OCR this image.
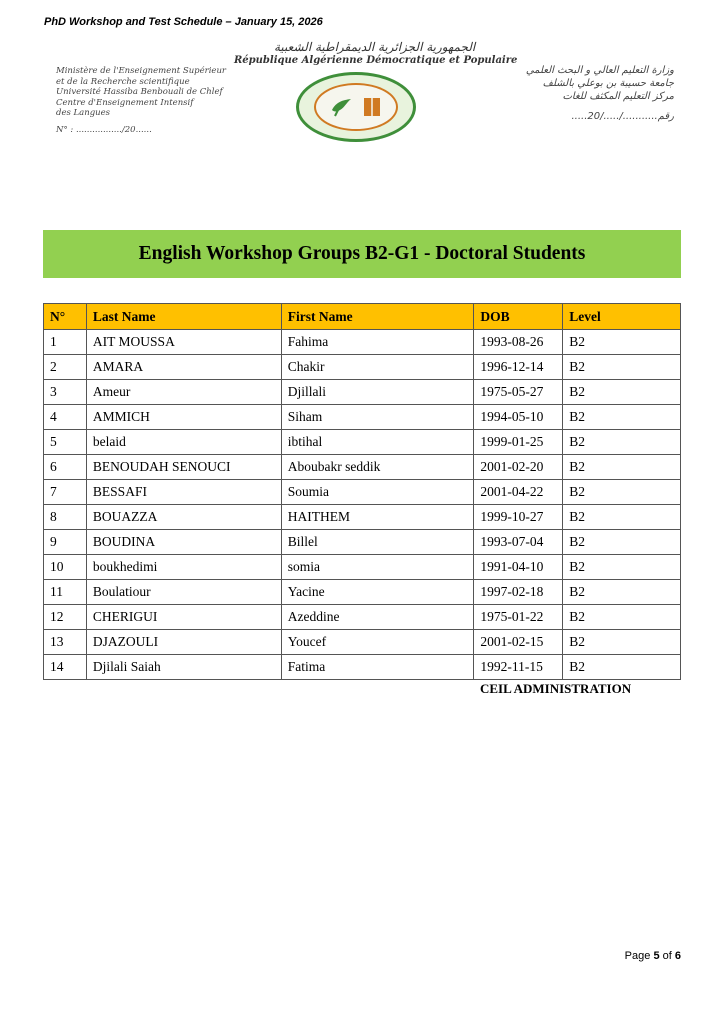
PhD Workshop and Test Schedule – January 15, 2026
الجمهورية الجزائرية الديمقراطية الشعبية
République Algérienne Démocratique et Populaire
Ministère de l'Enseignement Supérieur
et de la Recherche scientifique
Université Hassiba Benbouali de Chlef
Centre d'Enseignement Intensif
des Langues
N° : ................./20......
وزارة التعليم العالي و البحث العلمي
جامعة حسيبة بن بوعلي بالشلف
مركز التعليم المكثف للغات
رقم.........../...../20.....
English Workshop Groups B2-G1 - Doctoral Students
N°	Last Name	First Name	DOB	Level
1	AIT MOUSSA	Fahima	1993-08-26	B2
2	AMARA	Chakir	1996-12-14	B2
3	Ameur	Djillali	1975-05-27	B2
4	AMMICH	Siham	1994-05-10	B2
5	belaid	ibtihal	1999-01-25	B2
6	BENOUDAH SENOUCI	Aboubakr seddik	2001-02-20	B2
7	BESSAFI	Soumia	2001-04-22	B2
8	BOUAZZA	HAITHEM	1999-10-27	B2
9	BOUDINA	Billel	1993-07-04	B2
10	boukhedimi	somia	1991-04-10	B2
11	Boulatiour	Yacine	1997-02-18	B2
12	CHERIGUI	Azeddine	1975-01-22	B2
13	DJAZOULI	Youcef	2001-02-15	B2
14	Djilali Saiah	Fatima	1992-11-15	B2
CEIL ADMINISTRATION
Page 5 of 6
